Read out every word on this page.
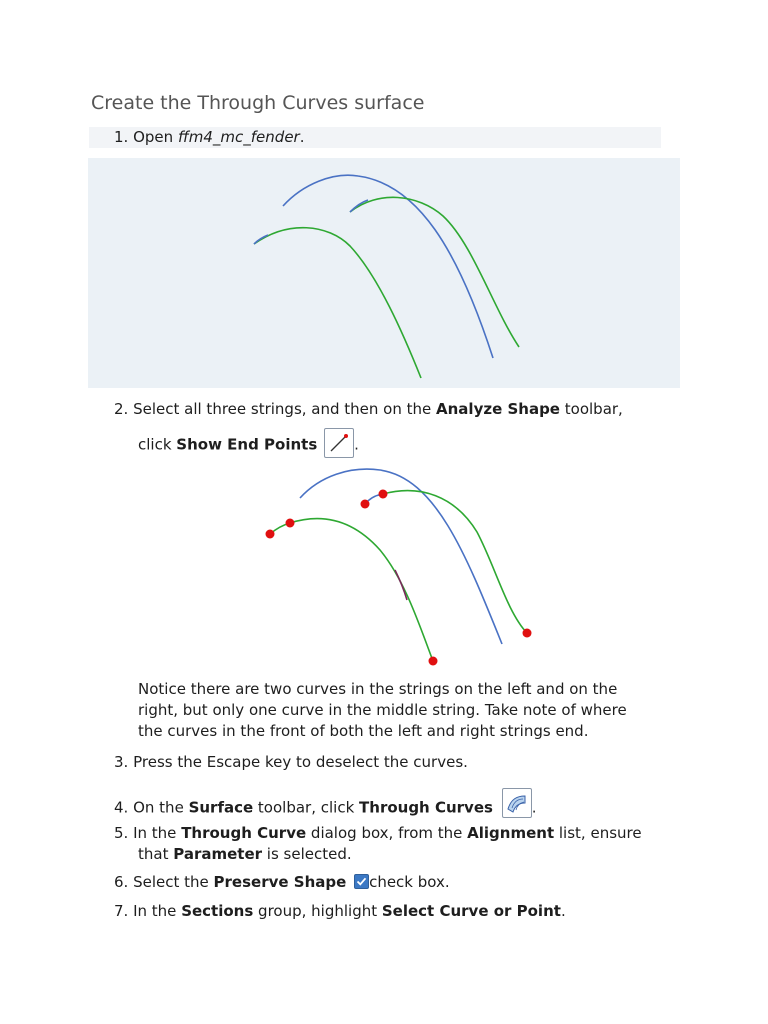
Create the Through Curves surface
1. Open ffm4_mc_fender.
2. Select all three strings, and then on the Analyze Shape toolbar,
click Show End Points .
Notice there are two curves in the strings on the left and on the
right, but only one curve in the middle string. Take note of where
the curves in the front of both the left and right strings end.
3. Press the Escape key to deselect the curves.
4. On the Surface toolbar, click Through Curves	.
5. In the Through Curve dialog box, from the Alignment list, ensure
that Parameter is selected.
6. Select the Preserve Shape check box.
7. In the Sections group, highlight Select Curve or Point.
